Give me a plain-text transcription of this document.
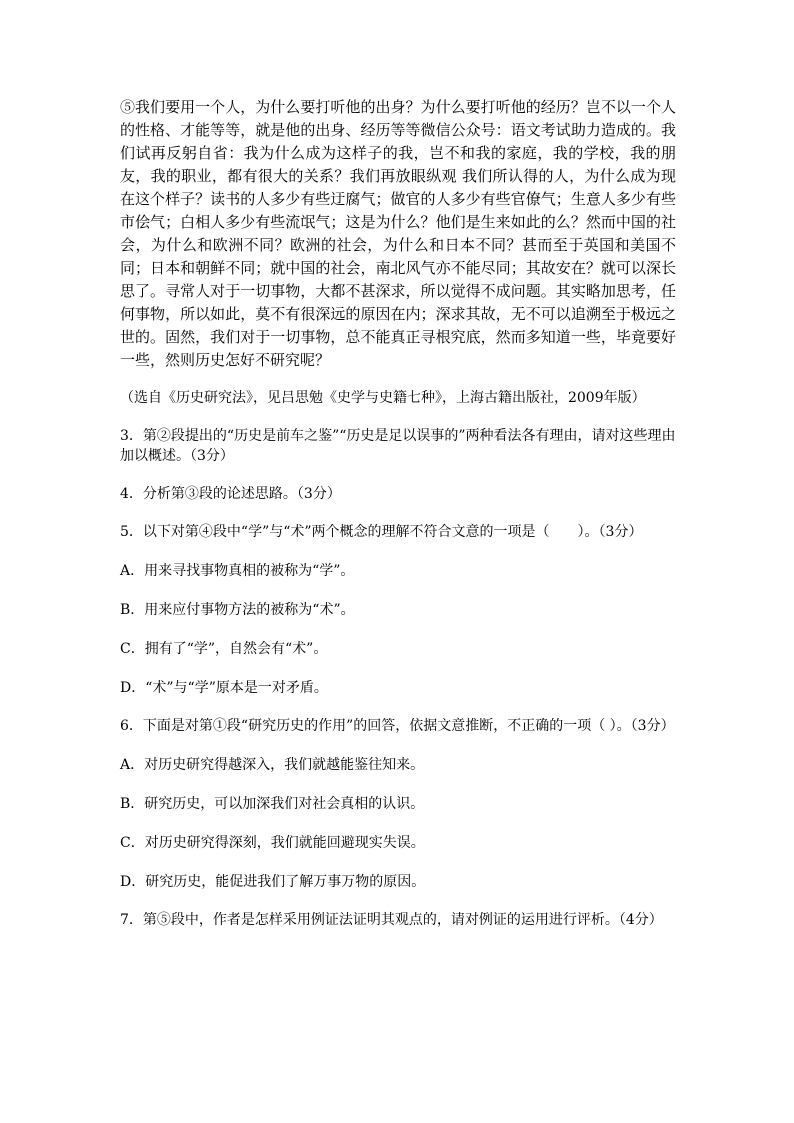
⑤我们要用一个人，为什么要打听他的出身？为什么要打听他的经历？岂不以一个人的性格、才能等等，就是他的出身、经历等等微信公众号：语文考试助力造成的。我们试再反躬自省：我为什么成为这样子的我，岂不和我的家庭，我的学校，我的朋友，我的职业，都有很大的关系？我们再放眼纵观 我们所认得的人，为什么成为现在这个样子？读书的人多少有些迂腐气；做官的人多少有些官僚气；生意人多少有些市侩气；白相人多少有些流氓气；这是为什么？他们是生来如此的么？然而中国的社会，为什么和欧洲不同？欧洲的社会，为什么和日本不同？甚而至于英国和美国不同；日本和朝鲜不同；就中国的社会，南北风气亦不能尽同；其故安在？就可以深长思了。寻常人对于一切事物，大都不甚深求，所以觉得不成问题。其实略加思考，任何事物，所以如此，莫不有很深远的原因在内；深求其故，无不可以追溯至于极远之世的。固然，我们对于一切事物，总不能真正寻根究底，然而多知道一些，毕竟要好一些，然则历史怎好不研究呢？

（选自《历史研究法》，见吕思勉《史学与史籍七种》，上海古籍出版社，2009年版）

3．第②段提出的“历史是前车之鉴”“历史是足以误事的”两种看法各有理由，请对这些理由加以概述。（3分）

4．分析第③段的论述思路。（3分）

5．以下对第④段中“学”与“术”两个概念的理解不符合文意的一项是（　　）。（3分）

A．用来寻找事物真相的被称为“学”。

B．用来应付事物方法的被称为“术”。

C．拥有了“学”，自然会有“术”。

D．“术”与“学”原本是一对矛盾。

6．下面是对第①段“研究历史的作用”的回答，依据文意推断，不正确的一项（ ）。（3分）

A．对历史研究得越深入，我们就越能鉴往知来。

B．研究历史，可以加深我们对社会真相的认识。

C．对历史研究得深刻，我们就能回避现实失误。

D．研究历史，能促进我们了解万事万物的原因。

7．第⑤段中，作者是怎样采用例证法证明其观点的，请对例证的运用进行评析。（4分）
